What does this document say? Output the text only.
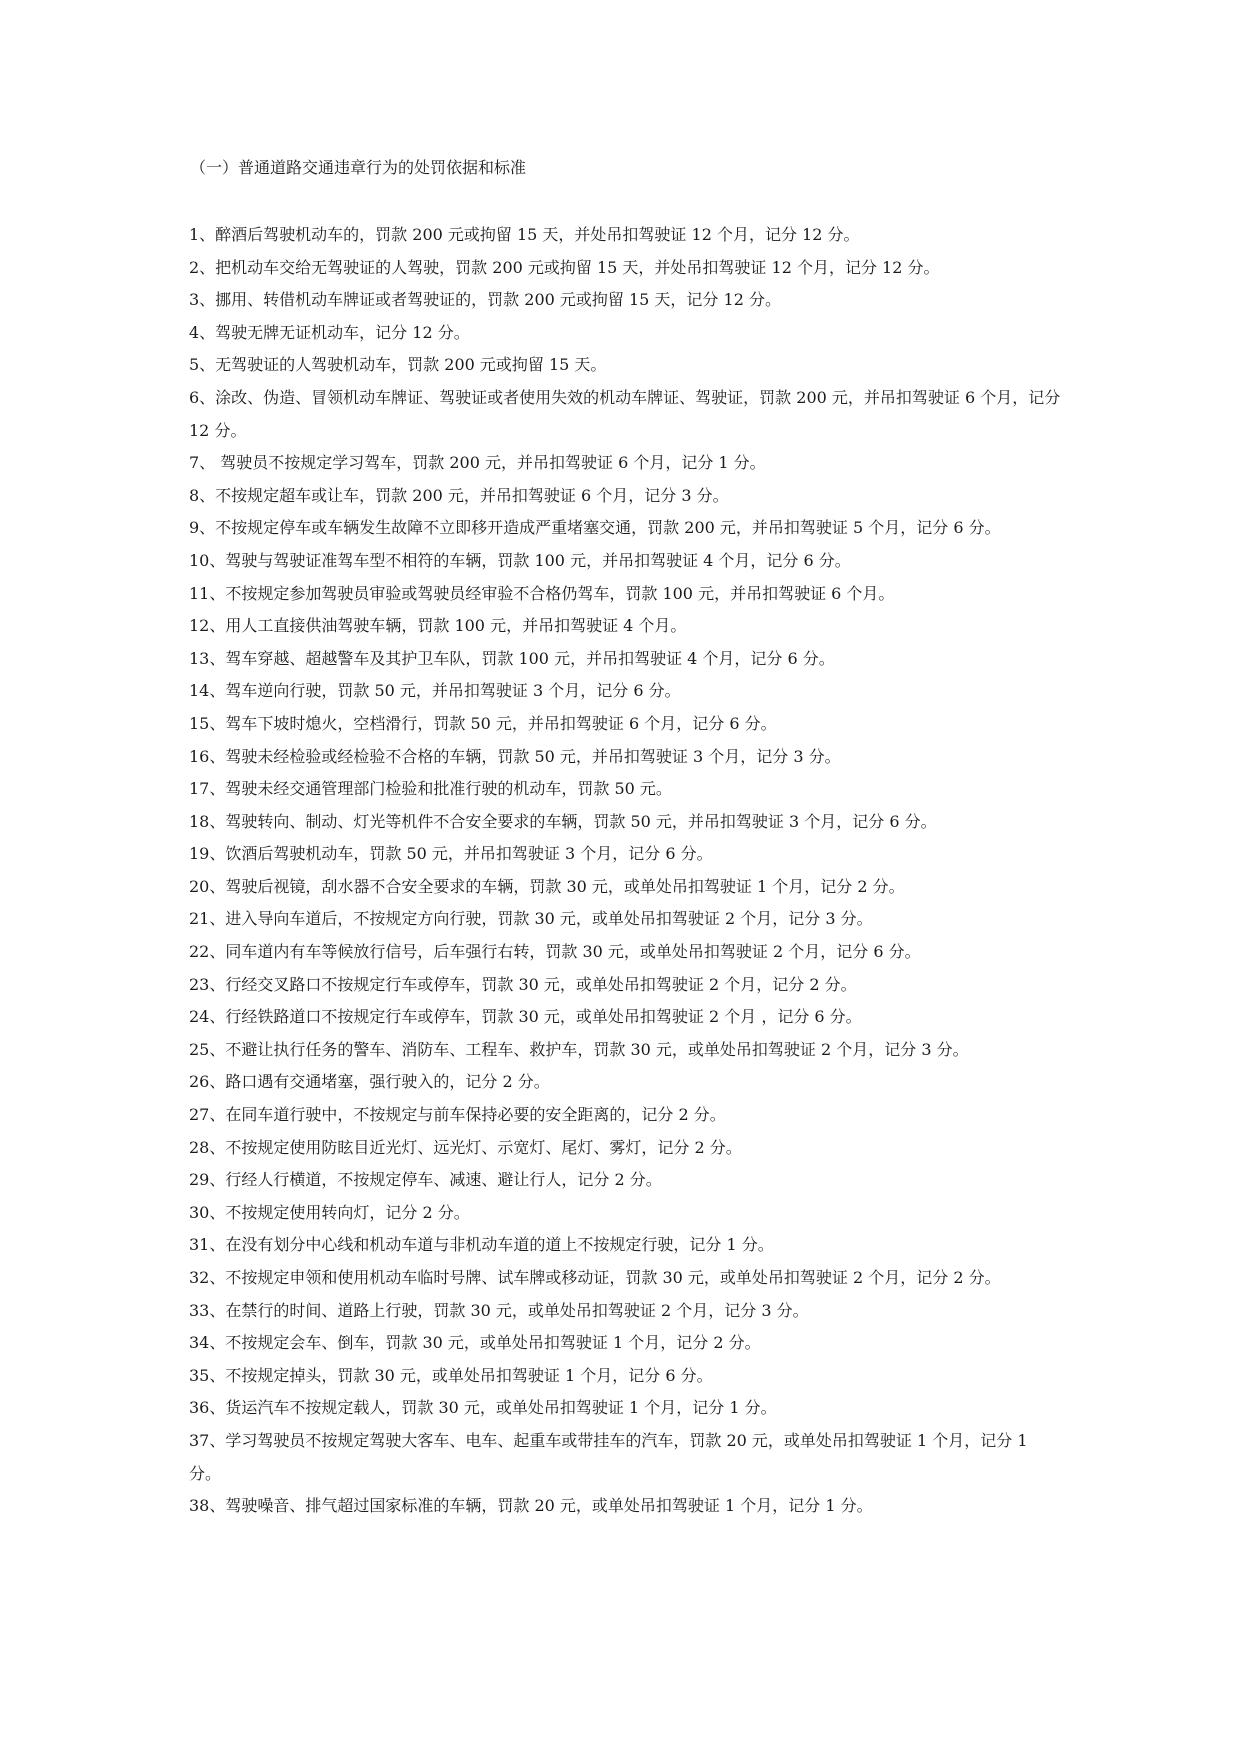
（一）普通道路交通违章行为的处罚依据和标准
1、醉酒后驾驶机动车的，罚款 200 元或拘留 15 天，并处吊扣驾驶证 12 个月，记分 12 分。
2、把机动车交给无驾驶证的人驾驶，罚款 200 元或拘留 15 天，并处吊扣驾驶证 12 个月，记分 12 分。
3、挪用、转借机动车牌证或者驾驶证的，罚款 200 元或拘留 15 天，记分 12 分。
4、驾驶无牌无证机动车，记分 12 分。
5、无驾驶证的人驾驶机动车，罚款 200 元或拘留 15 天。
6、涂改、伪造、冒领机动车牌证、驾驶证或者使用失效的机动车牌证、驾驶证，罚款 200 元，并吊扣驾驶证 6 个月，记分 12 分。
7、 驾驶员不按规定学习驾车，罚款 200 元，并吊扣驾驶证 6 个月，记分 1 分。
8、不按规定超车或让车，罚款 200 元，并吊扣驾驶证 6 个月，记分 3 分。
9、不按规定停车或车辆发生故障不立即移开造成严重堵塞交通，罚款 200 元，并吊扣驾驶证 5 个月，记分 6 分。
10、驾驶与驾驶证准驾车型不相符的车辆，罚款 100 元，并吊扣驾驶证 4 个月，记分 6 分。
11、不按规定参加驾驶员审验或驾驶员经审验不合格仍驾车，罚款 100 元，并吊扣驾驶证 6 个月。
12、用人工直接供油驾驶车辆，罚款 100 元，并吊扣驾驶证 4 个月。
13、驾车穿越、超越警车及其护卫车队，罚款 100 元，并吊扣驾驶证 4 个月，记分 6 分。
14、驾车逆向行驶，罚款 50 元，并吊扣驾驶证 3 个月，记分 6 分。
15、驾车下坡时熄火，空档滑行，罚款 50 元，并吊扣驾驶证 6 个月，记分 6 分。
16、驾驶未经检验或经检验不合格的车辆，罚款 50 元，并吊扣驾驶证 3 个月，记分 3 分。
17、驾驶未经交通管理部门检验和批准行驶的机动车，罚款 50 元。
18、驾驶转向、制动、灯光等机件不合安全要求的车辆，罚款 50 元，并吊扣驾驶证 3 个月，记分 6 分。
19、饮酒后驾驶机动车，罚款 50 元，并吊扣驾驶证 3 个月，记分 6 分。
20、驾驶后视镜，刮水器不合安全要求的车辆，罚款 30 元，或单处吊扣驾驶证 1 个月，记分 2 分。
21、进入导向车道后，不按规定方向行驶，罚款 30 元，或单处吊扣驾驶证 2 个月，记分 3 分。
22、同车道内有车等候放行信号，后车强行右转，罚款 30 元，或单处吊扣驾驶证 2 个月，记分 6 分。
23、行经交叉路口不按规定行车或停车，罚款 30 元，或单处吊扣驾驶证 2 个月，记分 2 分。
24、行经铁路道口不按规定行车或停车，罚款 30 元，或单处吊扣驾驶证 2 个月 ，记分 6 分。
25、不避让执行任务的警车、消防车、工程车、救护车，罚款 30 元，或单处吊扣驾驶证 2 个月，记分 3 分。
26、路口遇有交通堵塞，强行驶入的，记分 2 分。
27、在同车道行驶中，不按规定与前车保持必要的安全距离的，记分 2 分。
28、不按规定使用防眩目近光灯、远光灯、示宽灯、尾灯、雾灯，记分 2 分。
29、行经人行横道，不按规定停车、减速、避让行人，记分 2 分。
30、不按规定使用转向灯，记分 2 分。
31、在没有划分中心线和机动车道与非机动车道的道上不按规定行驶，记分 1 分。
32、不按规定申领和使用机动车临时号牌、试车牌或移动证，罚款 30 元，或单处吊扣驾驶证 2 个月，记分 2 分。
33、在禁行的时间、道路上行驶，罚款 30 元，或单处吊扣驾驶证 2 个月，记分 3 分。
34、不按规定会车、倒车，罚款 30 元，或单处吊扣驾驶证 1 个月，记分 2 分。
35、不按规定掉头，罚款 30 元，或单处吊扣驾驶证 1 个月，记分 6 分。
36、货运汽车不按规定载人，罚款 30 元，或单处吊扣驾驶证 1 个月，记分 1 分。
37、学习驾驶员不按规定驾驶大客车、电车、起重车或带挂车的汽车，罚款 20 元，或单处吊扣驾驶证 1 个月，记分 1 分。
38、驾驶噪音、排气超过国家标准的车辆，罚款 20 元，或单处吊扣驾驶证 1 个月，记分 1 分。
